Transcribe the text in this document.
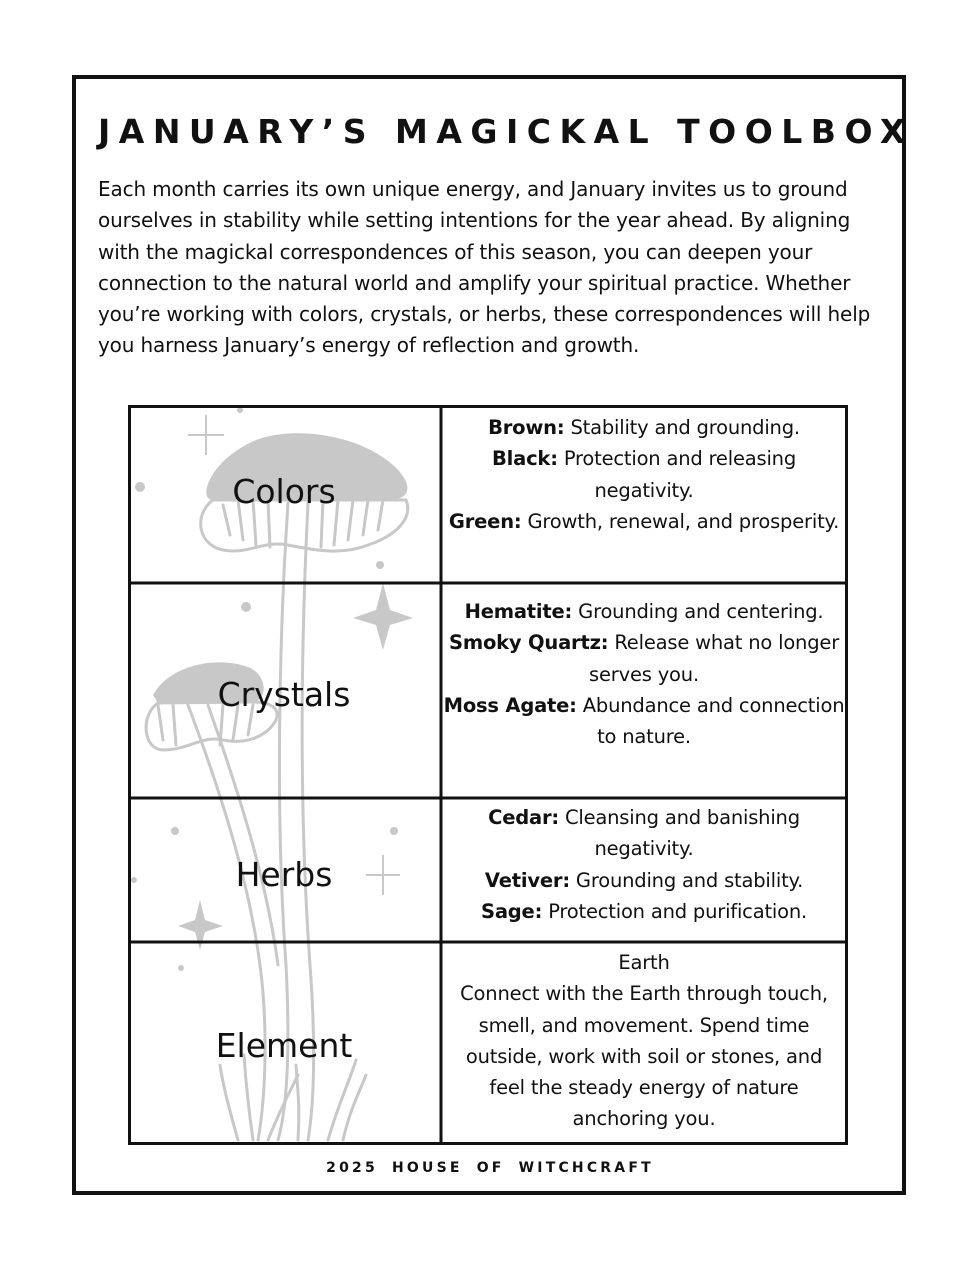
JANUARY’S MAGICKAL TOOLBOX

Each month carries its own unique energy, and January invites us to ground ourselves in stability while setting intentions for the year ahead. By aligning with the magickal correspondences of this season, you can deepen your connection to the natural world and amplify your spiritual practice. Whether you’re working with colors, crystals, or herbs, these correspondences will help you harness January’s energy of reflection and growth.

Colors
Brown: Stability and grounding.
Black: Protection and releasing negativity.
Green: Growth, renewal, and prosperity.
Crystals
Hematite: Grounding and centering.
Smoky Quartz: Release what no longer serves you.
Moss Agate: Abundance and connection to nature.
Herbs
Cedar: Cleansing and banishing negativity.
Vetiver: Grounding and stability.
Sage: Protection and purification.
Element
Earth
Connect with the Earth through touch, smell, and movement. Spend time outside, work with soil or stones, and feel the steady energy of nature anchoring you.
2025 HOUSE OF WITCHCRAFT
